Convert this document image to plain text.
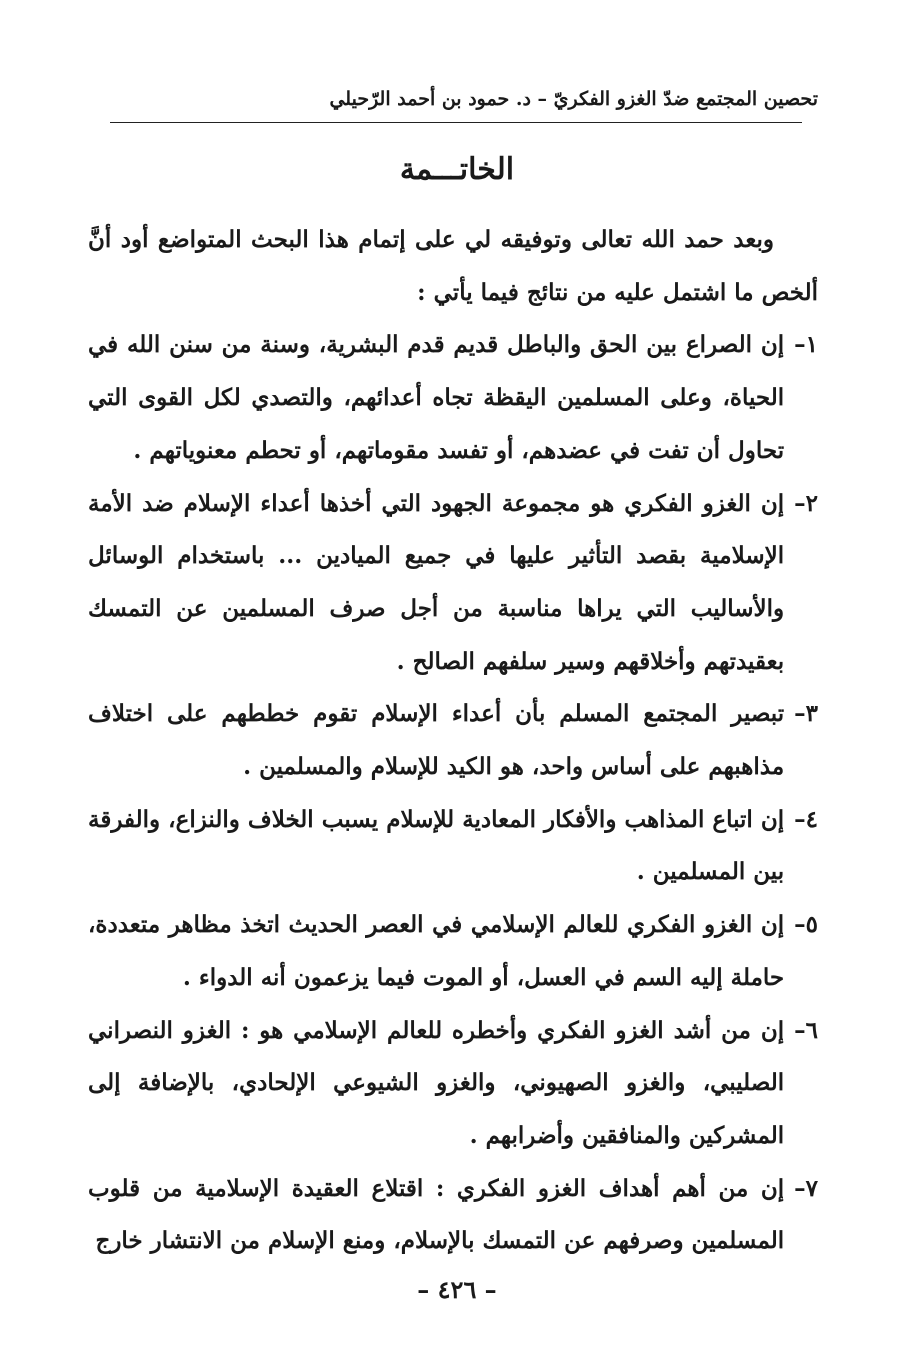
تحصين المجتمع ضدّ الغزو الفكريّ – د. حمود بن أحمد الرّحيلي
الخاتـــمة

وبعد حمد الله تعالى وتوفيقه لي على إتمام هذا البحث المتواضع أود أنَّ ألخص ما اشتمل عليه من نتائج فيما يأتي :

١–
إن الصراع بين الحق والباطل قديم قدم البشرية، وسنة من سنن الله في الحياة، وعلى المسلمين اليقظة تجاه أعدائهم، والتصدي لكل القوى التي تحاول أن تفت في عضدهم، أو تفسد مقوماتهم، أو تحطم معنوياتهم .

٢–
إن الغزو الفكري هو مجموعة الجهود التي أخذها أعداء الإسلام ضد الأمة الإسلامية بقصد التأثير عليها في جميع الميادين ... باستخدام الوسائل والأساليب التي يراها مناسبة من أجل صرف المسلمين عن التمسك بعقيدتهم وأخلاقهم وسير سلفهم الصالح .

٣–
تبصير المجتمع المسلم بأن أعداء الإسلام تقوم خططهم على اختلاف مذاهبهم على أساس واحد، هو الكيد للإسلام والمسلمين .

٤–
إن اتباع المذاهب والأفكار المعادية للإسلام يسبب الخلاف والنزاع، والفرقة بين المسلمين .

٥–
إن الغزو الفكري للعالم الإسلامي في العصر الحديث اتخذ مظاهر متعددة، حاملة إليه السم في العسل، أو الموت فيما يزعمون أنه الدواء .

٦–
إن من أشد الغزو الفكري وأخطره للعالم الإسلامي هو : الغزو النصراني الصليبي، والغزو الصهيوني، والغزو الشيوعي الإلحادي، بالإضافة إلى المشركين والمنافقين وأضرابهم .

٧–
إن من أهم أهداف الغزو الفكري : اقتلاع العقيدة الإسلامية من قلوب المسلمين وصرفهم عن التمسك بالإسلام، ومنع الإسلام من الانتشار خارج

– ٤٢٦ –
